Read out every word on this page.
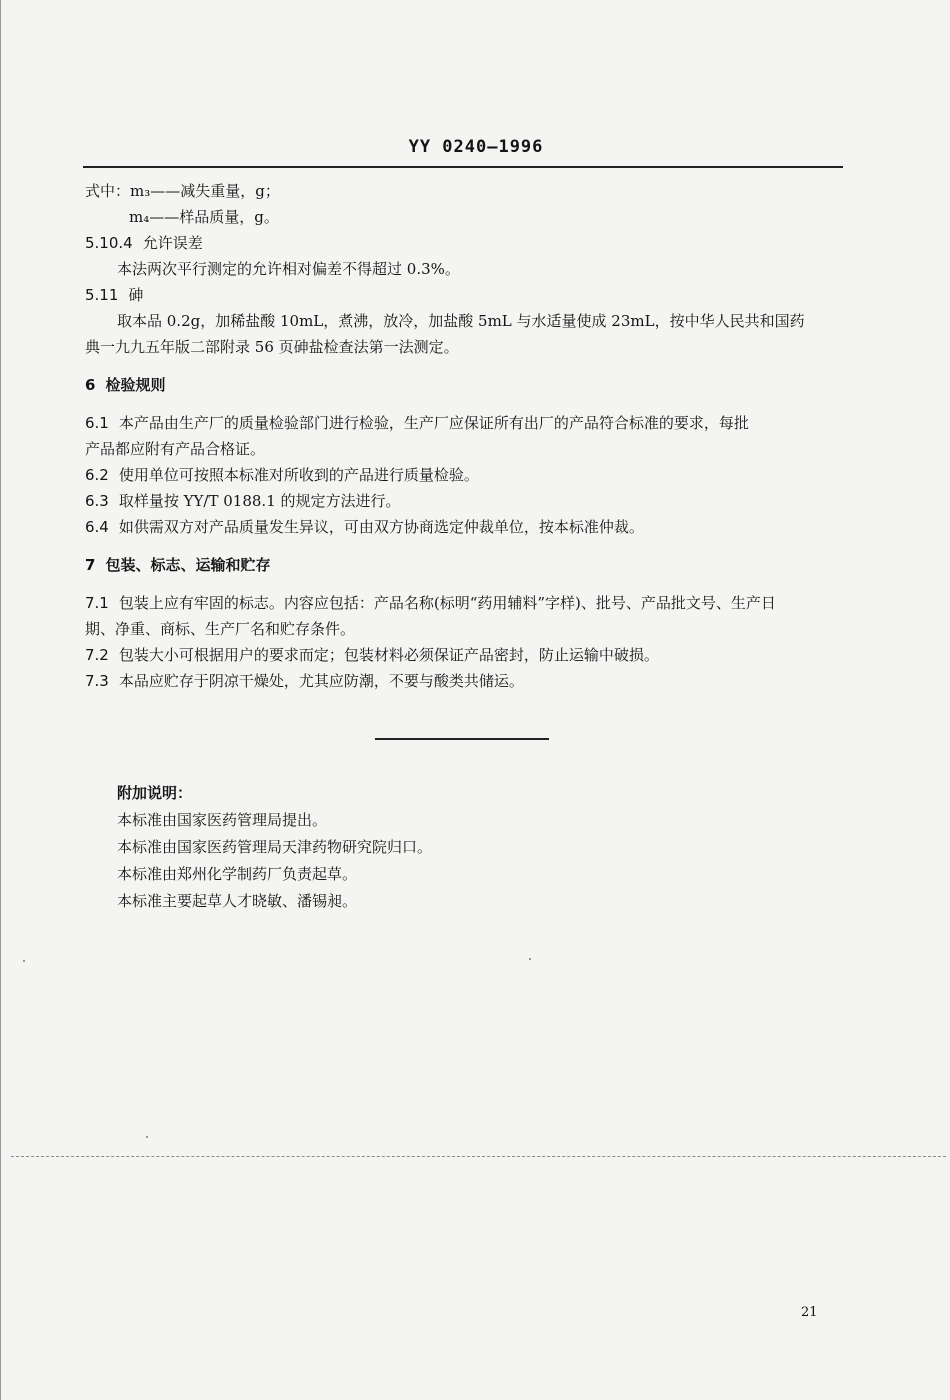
YY 0240—1996
式中：m₃——减失重量，g；
m₄——样品质量，g。
5.10.4 允许误差
本法两次平行测定的允许相对偏差不得超过 0.3%。
5.11 砷
取本品 0.2g，加稀盐酸 10mL，煮沸，放冷，加盐酸 5mL 与水适量使成 23mL，按中华人民共和国药
典一九九五年版二部附录 56 页砷盐检查法第一法测定。
6 检验规则
6.1 本产品由生产厂的质量检验部门进行检验，生产厂应保证所有出厂的产品符合标准的要求，每批
产品都应附有产品合格证。
6.2 使用单位可按照本标准对所收到的产品进行质量检验。
6.3 取样量按 YY/T 0188.1 的规定方法进行。
6.4 如供需双方对产品质量发生异议，可由双方协商选定仲裁单位，按本标准仲裁。
7 包装、标志、运输和贮存
7.1 包装上应有牢固的标志。内容应包括：产品名称(标明“药用辅料”字样)、批号、产品批文号、生产日
期、净重、商标、生产厂名和贮存条件。
7.2 包装大小可根据用户的要求而定；包装材料必须保证产品密封，防止运输中破损。
7.3 本品应贮存于阴凉干燥处，尤其应防潮，不要与酸类共储运。
附加说明：
本标准由国家医药管理局提出。
本标准由国家医药管理局天津药物研究院归口。
本标准由郑州化学制药厂负责起草。
本标准主要起草人才晓敏、潘锡昶。
21
